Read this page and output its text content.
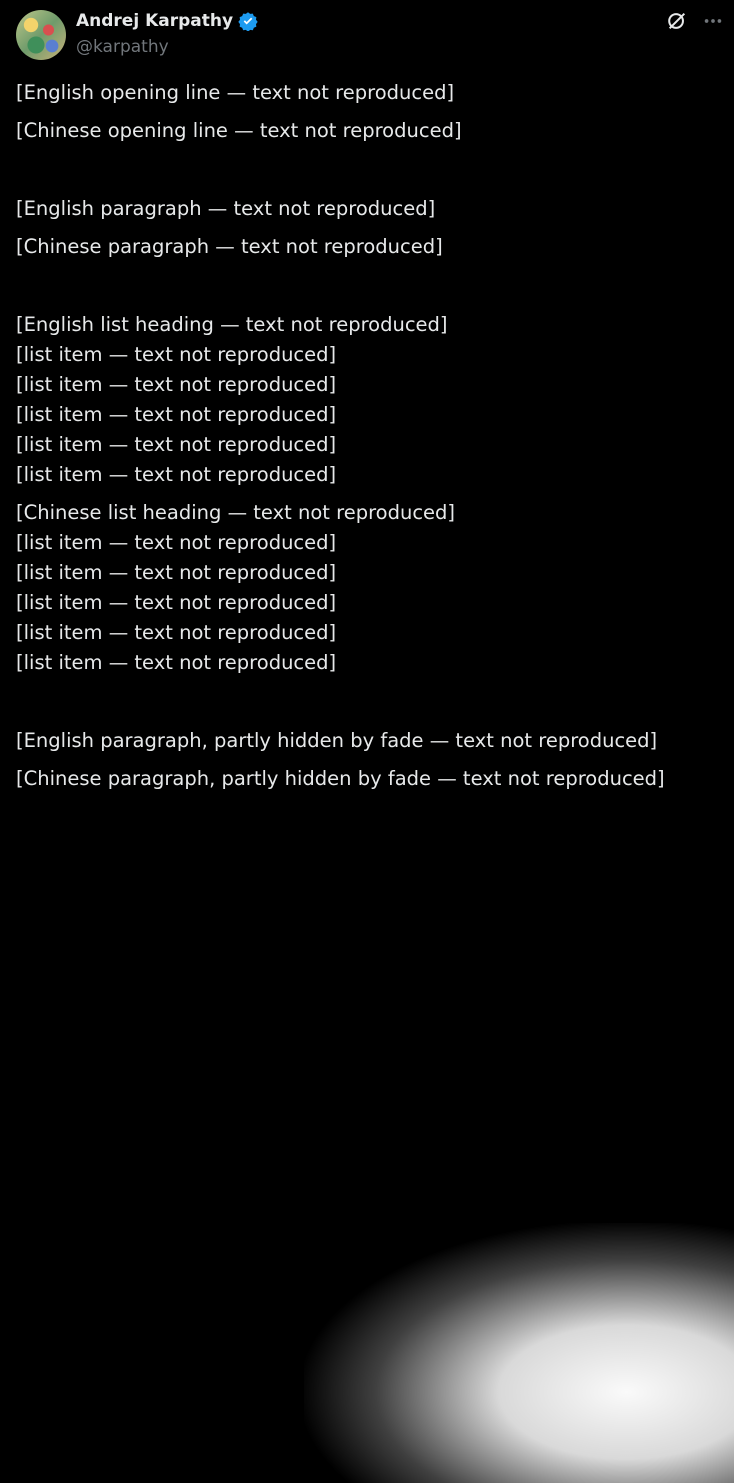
Andrej Karpathy
@karpathy

[English opening line — text not reproduced]

[Chinese opening line — text not reproduced]

[English paragraph — text not reproduced]

[Chinese paragraph — text not reproduced]

[English list heading — text not reproduced]
[list item — text not reproduced]
[list item — text not reproduced]
[list item — text not reproduced]
[list item — text not reproduced]
[list item — text not reproduced]
[Chinese list heading — text not reproduced]
[list item — text not reproduced]
[list item — text not reproduced]
[list item — text not reproduced]
[list item — text not reproduced]
[list item — text not reproduced]

[English paragraph, partly hidden by fade — text not reproduced]

[Chinese paragraph, partly hidden by fade — text not reproduced]
